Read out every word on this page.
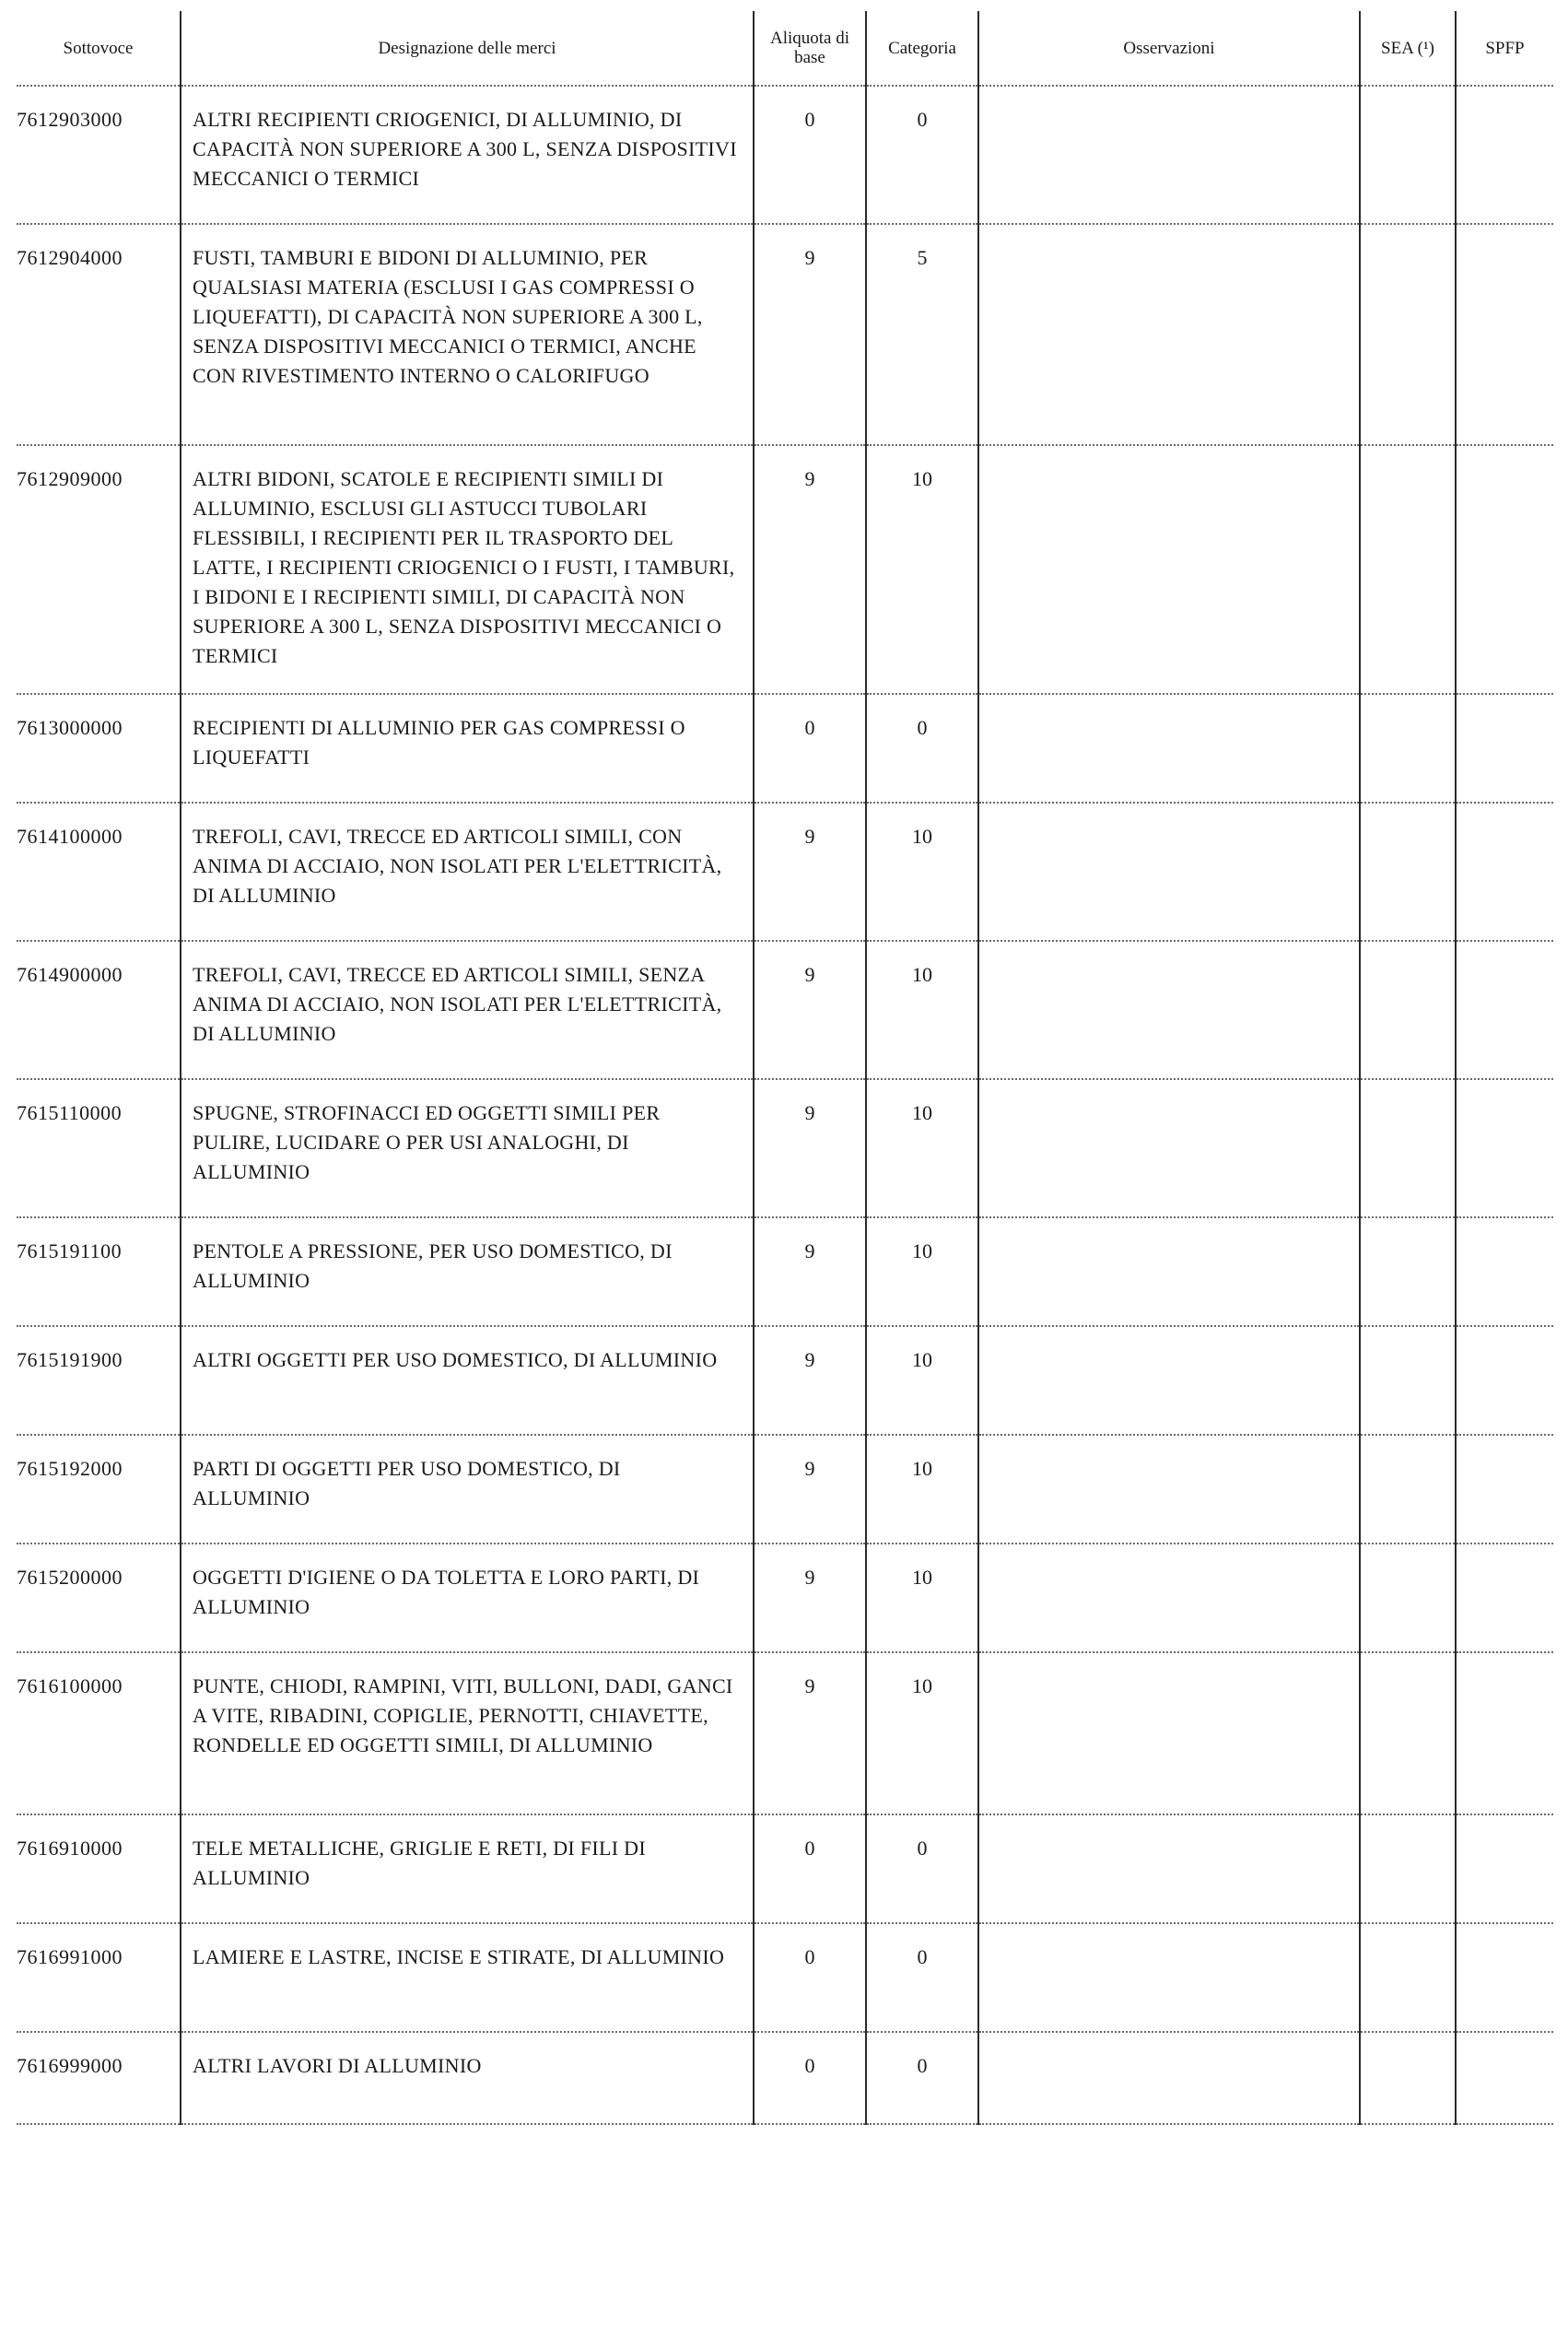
Sottovoce	Designazione delle merci	Aliquota di base	Categoria	Osservazioni	SEA (¹)	SPFP
7612903000	ALTRI RECIPIENTI CRIOGENICI, DI ALLUMINIO, DI CAPACITÀ NON SUPERIORE A 300 L, SENZA DISPOSITIVI MECCANICI O TERMICI	0	0			
7612904000	FUSTI, TAMBURI E BIDONI DI ALLUMINIO, PER QUALSIASI MATERIA (ESCLUSI I GAS COMPRESSI O LIQUEFATTI), DI CAPACITÀ NON SUPERIORE A 300 L, SENZA DISPOSITIVI MECCANICI O TERMICI, ANCHE CON RIVESTIMENTO INTERNO O CALORIFUGO	9	5			
7612909000	ALTRI BIDONI, SCATOLE E RECIPIENTI SIMILI DI ALLUMINIO, ESCLUSI GLI ASTUCCI TUBOLARI FLESSIBILI, I RECIPIENTI PER IL TRASPORTO DEL LATTE, I RECIPIENTI CRIOGENICI O I FUSTI, I TAMBURI, I BIDONI E I RECIPIENTI SIMILI, DI CAPACITÀ NON SUPERIORE A 300 L, SENZA DISPOSITIVI MECCANICI O TERMICI	9	10			
7613000000	RECIPIENTI DI ALLUMINIO PER GAS COMPRESSI O LIQUEFATTI	0	0			
7614100000	TREFOLI, CAVI, TRECCE ED ARTICOLI SIMILI, CON ANIMA DI ACCIAIO, NON ISOLATI PER L'ELETTRICITÀ, DI ALLUMINIO	9	10			
7614900000	TREFOLI, CAVI, TRECCE ED ARTICOLI SIMILI, SENZA ANIMA DI ACCIAIO, NON ISOLATI PER L'ELETTRICITÀ, DI ALLUMINIO	9	10			
7615110000	SPUGNE, STROFINACCI ED OGGETTI SIMILI PER PULIRE, LUCIDARE O PER USI ANALOGHI, DI ALLUMINIO	9	10			
7615191100	PENTOLE A PRESSIONE, PER USO DOMESTICO, DI ALLUMINIO	9	10			
7615191900	ALTRI OGGETTI PER USO DOMESTICO, DI ALLUMINIO	9	10			
7615192000	PARTI DI OGGETTI PER USO DOMESTICO, DI ALLUMINIO	9	10			
7615200000	OGGETTI D'IGIENE O DA TOLETTA E LORO PARTI, DI ALLUMINIO	9	10			
7616100000	PUNTE, CHIODI, RAMPINI, VITI, BULLONI, DADI, GANCI A VITE, RIBADINI, COPIGLIE, PERNOTTI, CHIAVETTE, RONDELLE ED OGGETTI SIMILI, DI ALLUMINIO	9	10			
7616910000	TELE METALLICHE, GRIGLIE E RETI, DI FILI DI ALLUMINIO	0	0			
7616991000	LAMIERE E LASTRE, INCISE E STIRATE, DI ALLUMINIO	0	0			
7616999000	ALTRI LAVORI DI ALLUMINIO	0	0			
